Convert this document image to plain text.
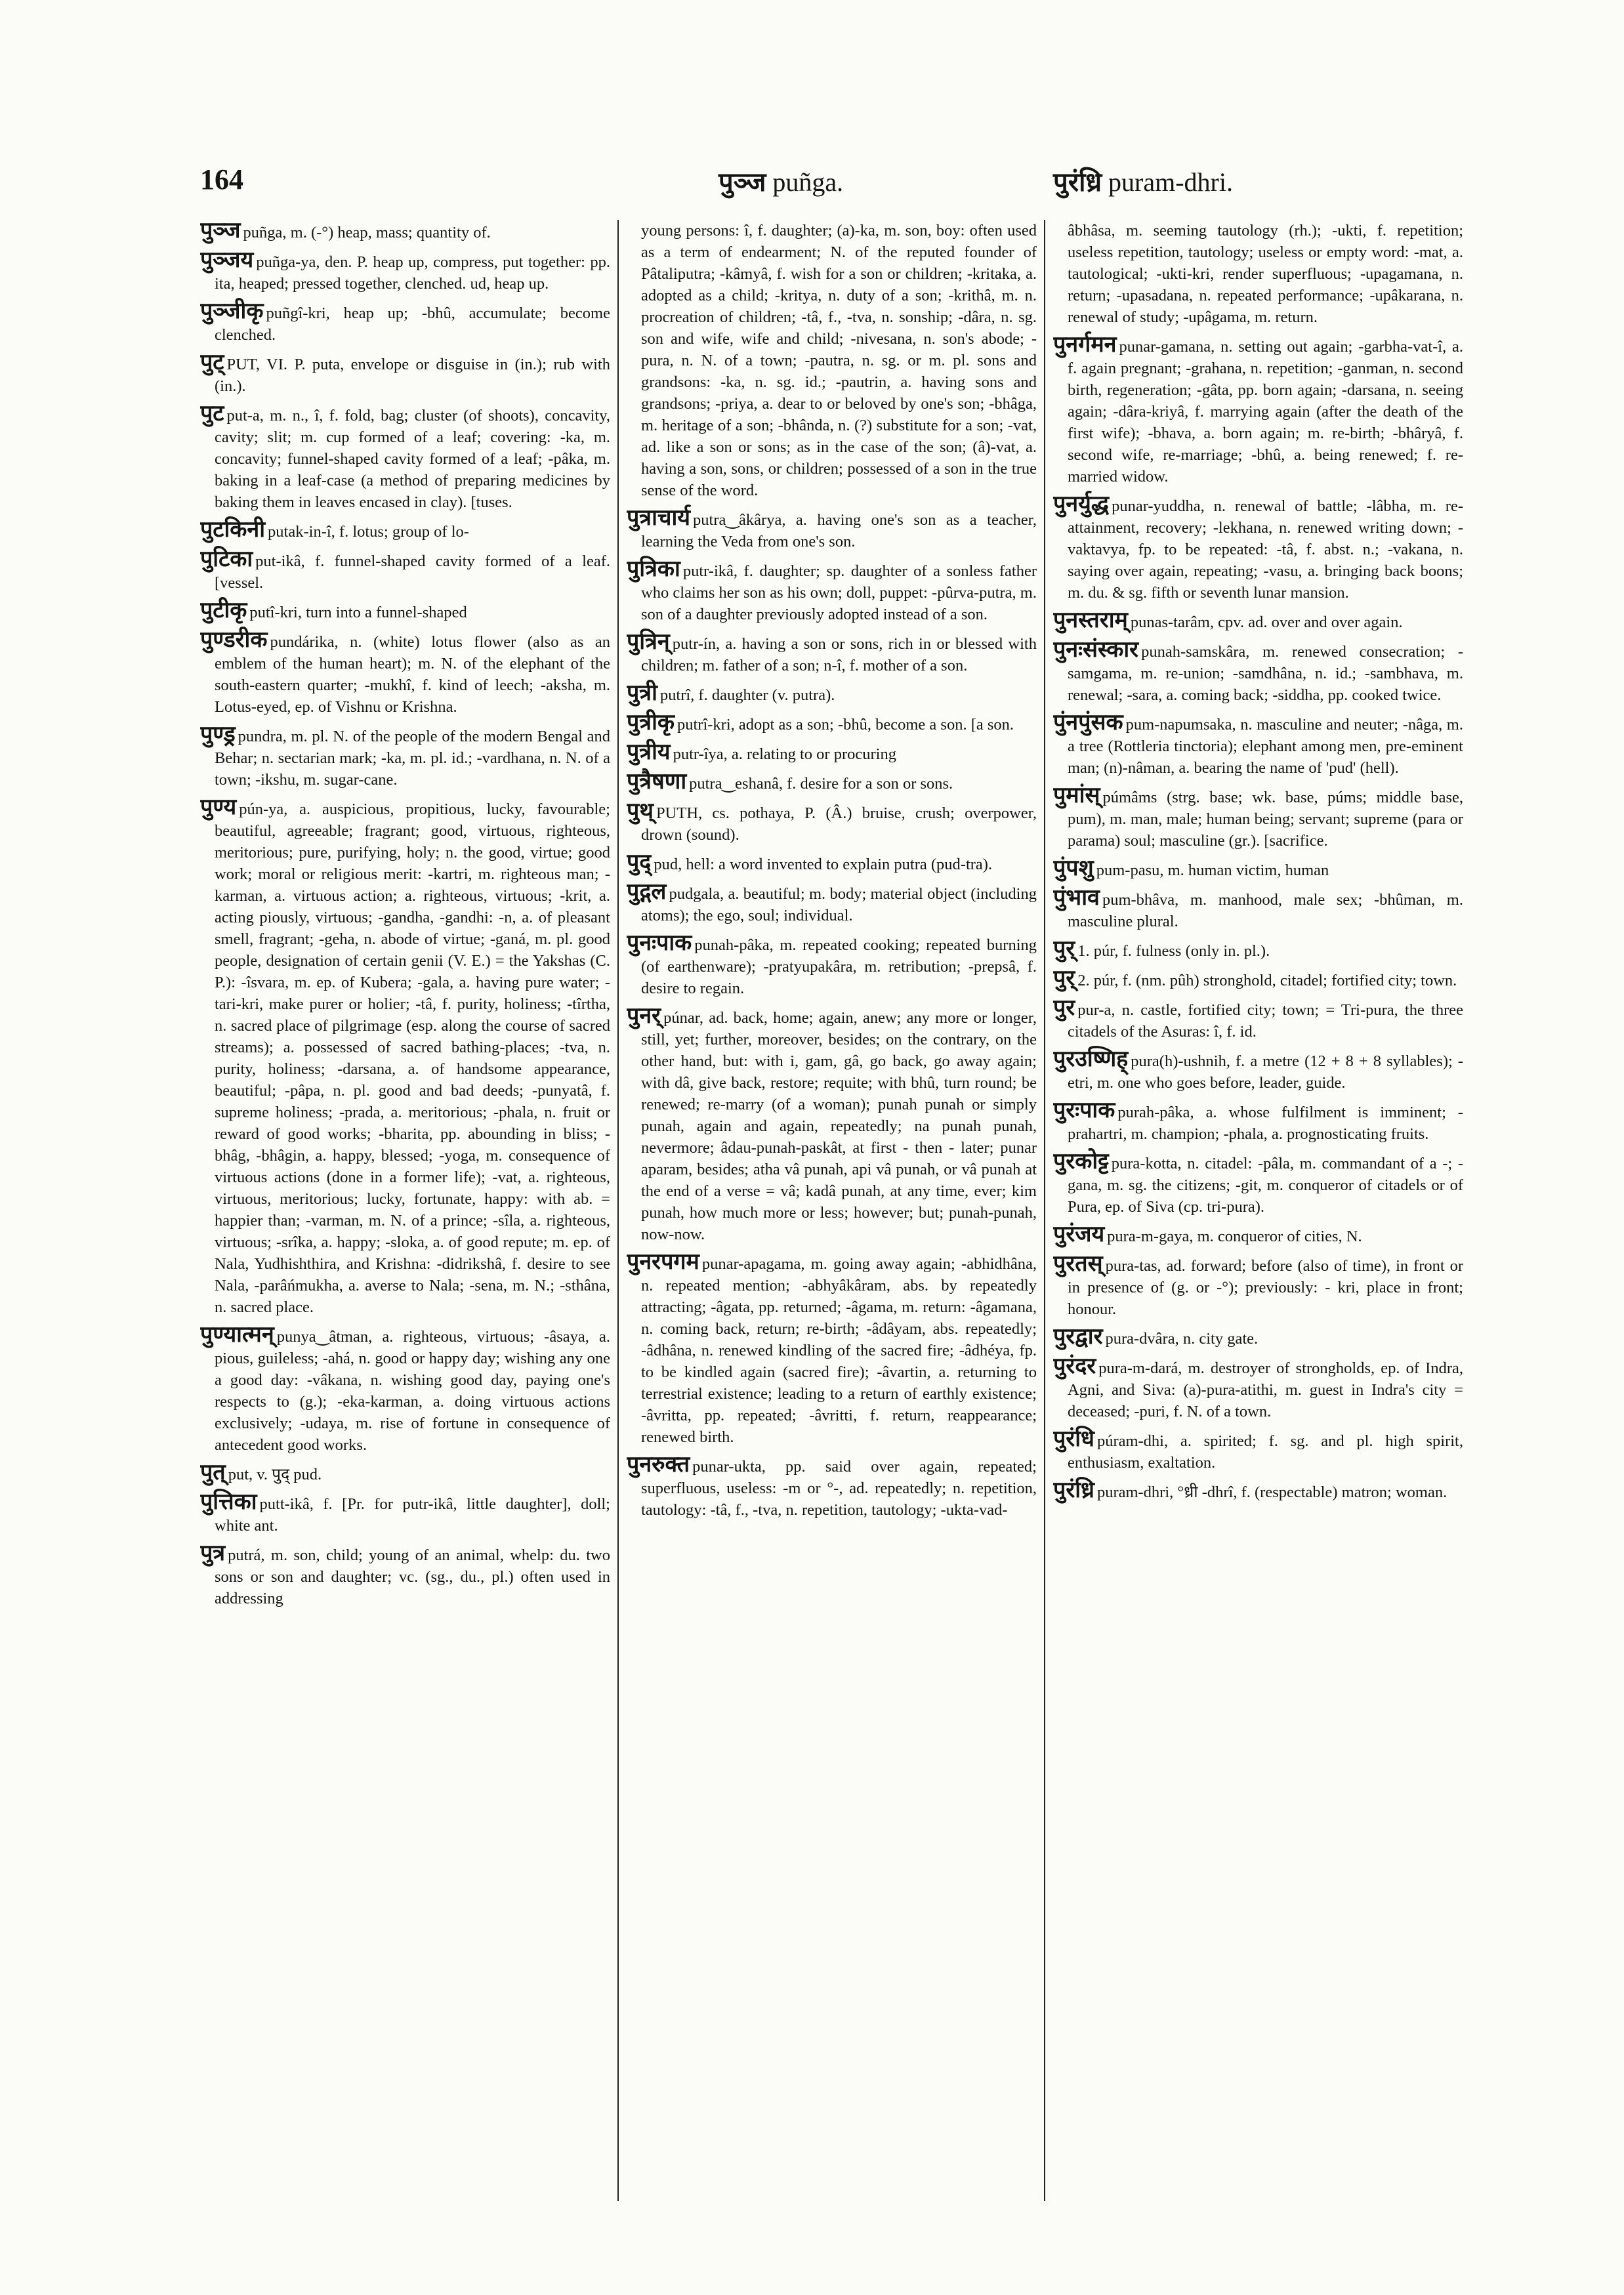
164	पुञ्ज puñga.	पुरंध्रि puram-dhri.

पुञ्ज puñga, m. (-°) heap, mass; quantity of.

पुञ्जय puñga-ya, den. P. heap up, compress, put together: pp. ita, heaped; pressed together, clenched. ud, heap up.

पुञ्जीकृ puñgî-kri, heap up; -bhû, accumulate; become clenched.

पुट् PUT, VI. P. puta, envelope or disguise in (in.); rub with (in.).

पुट put-a, m. n., î, f. fold, bag; cluster (of shoots), concavity, cavity; slit; m. cup formed of a leaf; covering: -ka, m. concavity; funnel-shaped cavity formed of a leaf; -pâka, m. baking in a leaf-case (a method of preparing medicines by baking them in leaves encased in clay). [tuses.

पुटकिनी putak-in-î, f. lotus; group of lo-

पुटिका put-ikâ, f. funnel-shaped cavity formed of a leaf. [vessel.

पुटीकृ putî-kri, turn into a funnel-shaped

पुण्डरीक pundárika, n. (white) lotus flower (also as an emblem of the human heart); m. N. of the elephant of the south-eastern quarter; -mukhî, f. kind of leech; -aksha, m. Lotus-eyed, ep. of Vishnu or Krishna.

पुण्ड्र pundra, m. pl. N. of the people of the modern Bengal and Behar; n. sectarian mark; -ka, m. pl. id.; -vardhana, n. N. of a town; -ikshu, m. sugar-cane.

पुण्य pún-ya, a. auspicious, propitious, lucky, favourable; beautiful, agreeable; fragrant; good, virtuous, righteous, meritorious; pure, purifying, holy; n. the good, virtue; good work; moral or religious merit: -kartri, m. righteous man; -karman, a. virtuous action; a. righteous, virtuous; -krit, a. acting piously, virtuous; -gandha, -gandhi: -n, a. of pleasant smell, fragrant; -geha, n. abode of virtue; -ganá, m. pl. good people, designation of certain genii (V. E.) = the Yakshas (C. P.): -îsvara, m. ep. of Kubera; -gala, a. having pure water; -tari-kri, make purer or holier; -tâ, f. purity, holiness; -tîrtha, n. sacred place of pilgrimage (esp. along the course of sacred streams); a. possessed of sacred bathing-places; -tva, n. purity, holiness; -darsana, a. of handsome appearance, beautiful; -pâpa, n. pl. good and bad deeds; -punyatâ, f. supreme holiness; -prada, a. meritorious; -phala, n. fruit or reward of good works; -bharita, pp. abounding in bliss; -bhâg, -bhâgin, a. happy, blessed; -yoga, m. consequence of virtuous actions (done in a former life); -vat, a. righteous, virtuous, meritorious; lucky, fortunate, happy: with ab. = happier than; -varman, m. N. of a prince; -sîla, a. righteous, virtuous; -srîka, a. happy; -sloka, a. of good repute; m. ep. of Nala, Yudhishthira, and Krishna: -didrikshâ, f. desire to see Nala, -parâńmukha, a. averse to Nala; -sena, m. N.; -sthâna, n. sacred place.

पुण्यात्मन् punya‿âtman, a. righteous, virtuous; -âsaya, a. pious, guileless; -ahá, n. good or happy day; wishing any one a good day: -vâkana, n. wishing good day, paying one's respects to (g.); -eka-karman, a. doing virtuous actions exclusively; -udaya, m. rise of fortune in consequence of antecedent good works.

पुत् put, v. पुद् pud.

पुत्तिका putt-ikâ, f. [Pr. for putr-ikâ, little daughter], doll; white ant.

पुत्र putrá, m. son, child; young of an animal, whelp: du. two sons or son and daughter; vc. (sg., du., pl.) often used in addressing

young persons: î, f. daughter; (a)-ka, m. son, boy: often used as a term of endearment; N. of the reputed founder of Pâtaliputra; -kâmyâ, f. wish for a son or children; -kritaka, a. adopted as a child; -kritya, n. duty of a son; -krithâ, m. n. procreation of children; -tâ, f., -tva, n. sonship; -dâra, n. sg. son and wife, wife and child; -nivesana, n. son's abode; -pura, n. N. of a town; -pautra, n. sg. or m. pl. sons and grandsons: -ka, n. sg. id.; -pautrin, a. having sons and grandsons; -priya, a. dear to or beloved by one's son; -bhâga, m. heritage of a son; -bhânda, n. (?) substitute for a son; -vat, ad. like a son or sons; as in the case of the son; (â)-vat, a. having a son, sons, or children; possessed of a son in the true sense of the word.

पुत्राचार्य putra‿âkârya, a. having one's son as a teacher, learning the Veda from one's son.

पुत्रिका putr-ikâ, f. daughter; sp. daughter of a sonless father who claims her son as his own; doll, puppet: -pûrva-putra, m. son of a daughter previously adopted instead of a son.

पुत्रिन् putr-ín, a. having a son or sons, rich in or blessed with children; m. father of a son; n-î, f. mother of a son.

पुत्री putrî, f. daughter (v. putra).

पुत्रीकृ putrî-kri, adopt as a son; -bhû, become a son. [a son.

पुत्रीय putr-îya, a. relating to or procuring

पुत्रैषणा putra‿eshanâ, f. desire for a son or sons.

पुथ् PUTH, cs. pothaya, P. (Â.) bruise, crush; overpower, drown (sound).

पुद् pud, hell: a word invented to explain putra (pud-tra).

पुद्गल pudgala, a. beautiful; m. body; material object (including atoms); the ego, soul; individual.

पुनःपाक punah-pâka, m. repeated cooking; repeated burning (of earthenware); -pratyupakâra, m. retribution; -prepsâ, f. desire to regain.

पुनर् púnar, ad. back, home; again, anew; any more or longer, still, yet; further, moreover, besides; on the contrary, on the other hand, but: with i, gam, gâ, go back, go away again; with dâ, give back, restore; requite; with bhû, turn round; be renewed; re-marry (of a woman); punah punah or simply punah, again and again, repeatedly; na punah punah, nevermore; âdau-punah-paskât, at first - then - later; punar aparam, besides; atha vâ punah, api vâ punah, or vâ punah at the end of a verse = vâ; kadâ punah, at any time, ever; kim punah, how much more or less; however; but; punah-punah, now-now.

पुनरपगम punar-apagama, m. going away again; -abhidhâna, n. repeated mention; -abhyâkâram, abs. by repeatedly attracting; -âgata, pp. returned; -âgama, m. return: -âgamana, n. coming back, return; re-birth; -âdâyam, abs. repeatedly; -âdhâna, n. renewed kindling of the sacred fire; -âdhéya, fp. to be kindled again (sacred fire); -âvartin, a. returning to terrestrial existence; leading to a return of earthly existence; -âvritta, pp. repeated; -âvritti, f. return, reappearance; renewed birth.

पुनरुक्त punar-ukta, pp. said over again, repeated; superfluous, useless: -m or °-, ad. repeatedly; n. repetition, tautology: -tâ, f., -tva, n. repetition, tautology; -ukta-vad-

âbhâsa, m. seeming tautology (rh.); -ukti, f. repetition; useless repetition, tautology; useless or empty word: -mat, a. tautological; -ukti-kri, render superfluous; -upagamana, n. return; -upasadana, n. repeated performance; -upâkarana, n. renewal of study; -upâgama, m. return.

पुनर्गमन punar-gamana, n. setting out again; -garbha-vat-î, a. f. again pregnant; -grahana, n. repetition; -ganman, n. second birth, regeneration; -gâta, pp. born again; -darsana, n. seeing again; -dâra-kriyâ, f. marrying again (after the death of the first wife); -bhava, a. born again; m. re-birth; -bhâryâ, f. second wife, re-marriage; -bhû, a. being renewed; f. re-married widow.

पुनर्युद्ध punar-yuddha, n. renewal of battle; -lâbha, m. re-attainment, recovery; -lekhana, n. renewed writing down; -vaktavya, fp. to be repeated: -tâ, f. abst. n.; -vakana, n. saying over again, repeating; -vasu, a. bringing back boons; m. du. & sg. fifth or seventh lunar mansion.

पुनस्तराम् punas-tarâm, cpv. ad. over and over again.

पुनःसंस्कार punah-samskâra, m. renewed consecration; -samgama, m. re-union; -samdhâna, n. id.; -sambhava, m. renewal; -sara, a. coming back; -siddha, pp. cooked twice.

पुंनपुंसक pum-napumsaka, n. masculine and neuter; -nâga, m. a tree (Rottleria tinctoria); elephant among men, pre-eminent man; (n)-nâman, a. bearing the name of 'pud' (hell).

पुमांस् púmâms (strg. base; wk. base, púms; middle base, pum), m. man, male; human being; servant; supreme (para or parama) soul; masculine (gr.). [sacrifice.

पुंपशु pum-pasu, m. human victim, human

पुंभाव pum-bhâva, m. manhood, male sex; -bhûman, m. masculine plural.

पुर् 1. púr, f. fulness (only in. pl.).

पुर् 2. púr, f. (nm. pûh) stronghold, citadel; fortified city; town.

पुर pur-a, n. castle, fortified city; town; = Tri-pura, the three citadels of the Asuras: î, f. id.

पुरउष्णिह् pura(h)-ushnih, f. a metre (12 + 8 + 8 syllables); -etri, m. one who goes before, leader, guide.

पुरःपाक purah-pâka, a. whose fulfilment is imminent; -prahartri, m. champion; -phala, a. prognosticating fruits.

पुरकोट्ट pura-kotta, n. citadel: -pâla, m. commandant of a -; -gana, m. sg. the citizens; -git, m. conqueror of citadels or of Pura, ep. of Siva (cp. tri-pura).

पुरंजय pura-m-gaya, m. conqueror of cities, N.

पुरतस् pura-tas, ad. forward; before (also of time), in front or in presence of (g. or -°); previously: - kri, place in front; honour.

पुरद्वार pura-dvâra, n. city gate.

पुरंदर pura-m-dará, m. destroyer of strongholds, ep. of Indra, Agni, and Siva: (a)-pura-atithi, m. guest in Indra's city = deceased; -puri, f. N. of a town.

पुरंधि púram-dhi, a. spirited; f. sg. and pl. high spirit, enthusiasm, exaltation.

पुरंध्रि puram-dhri, °ध्री -dhrî, f. (respectable) matron; woman.
